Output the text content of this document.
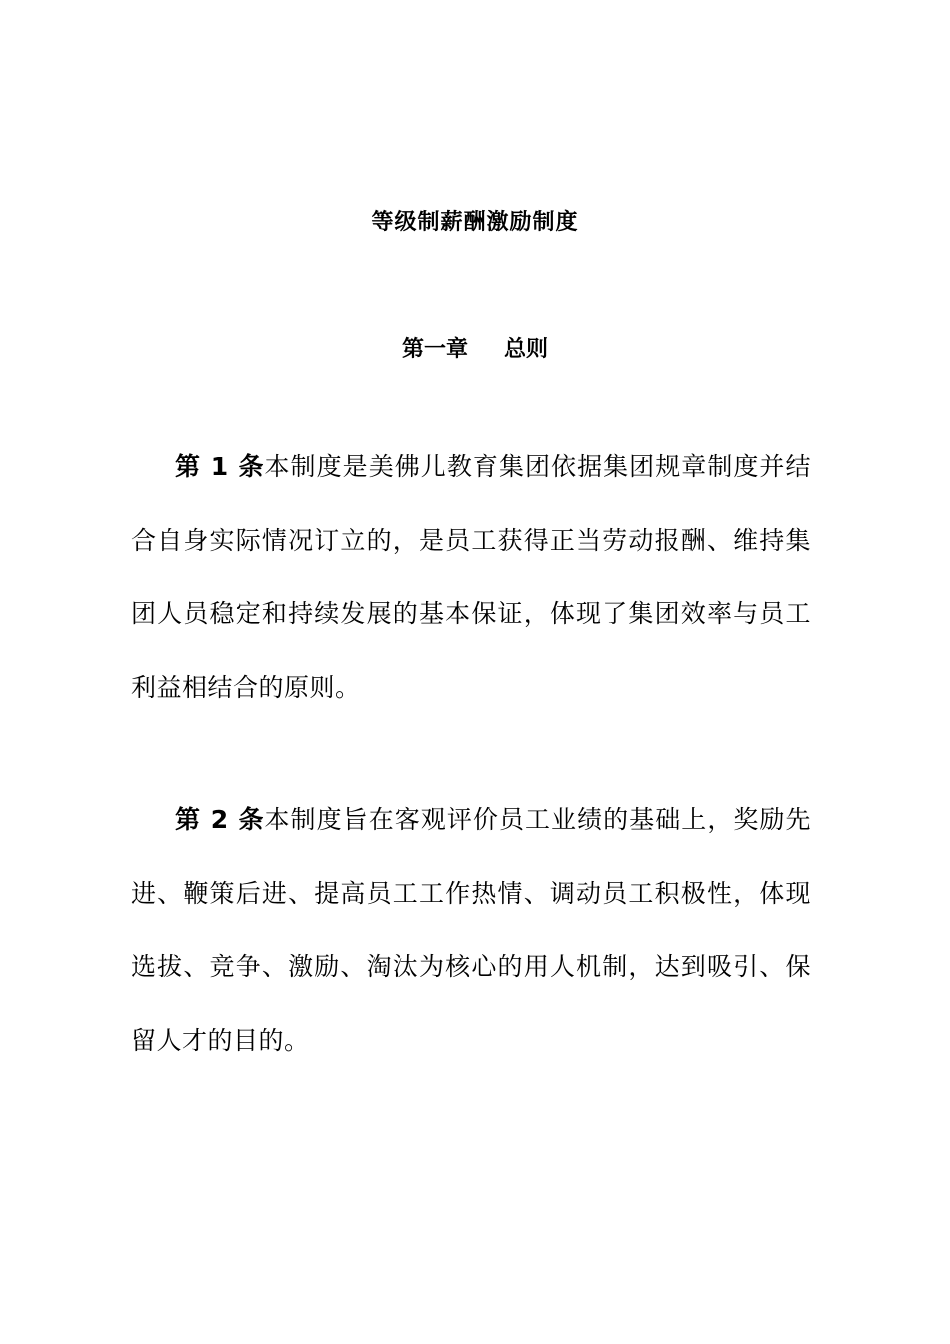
等级制薪酬激励制度
第一章 总则

第 1 条本制度是美佛儿教育集团依据集团规章制度并结合自身实际情况订立的，是员工获得正当劳动报酬、维持集团人员稳定和持续发展的基本保证，体现了集团效率与员工利益相结合的原则。

第 2 条本制度旨在客观评价员工业绩的基础上，奖励先进、鞭策后进、提高员工工作热情、调动员工积极性，体现选拔、竞争、激励、淘汰为核心的用人机制，达到吸引、保留人才的目的。
